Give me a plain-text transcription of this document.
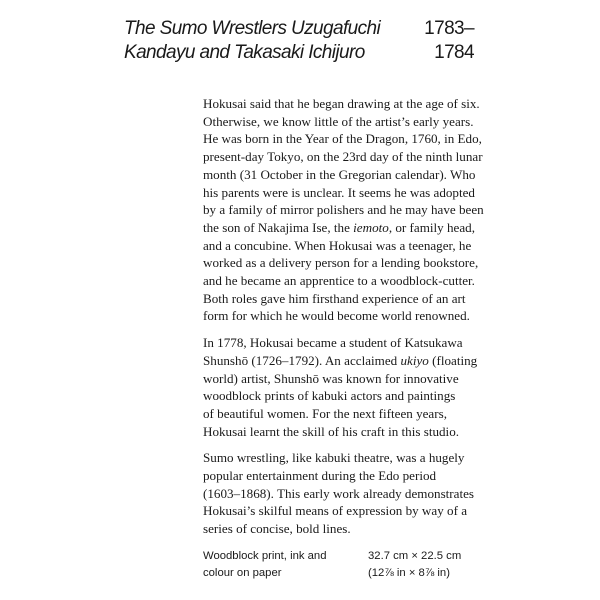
The Sumo Wrestlers Uzugafuchi
Kandayu and Takasaki Ichijuro
1783–
1784

Hokusai said that he began drawing at the age of six.
Otherwise, we know little of the artist’s early years.
He was born in the Year of the Dragon, 1760, in Edo,
present-day Tokyo, on the 23rd day of the ninth lunar
month (31 October in the Gregorian calendar). Who
his parents were is unclear. It seems he was adopted
by a family of mirror polishers and he may have been
the son of Nakajima Ise, the iemoto, or family head,
and a concubine. When Hokusai was a teenager, he
worked as a delivery person for a lending bookstore,
and he became an apprentice to a woodblock-cutter.
Both roles gave him firsthand experience of an art
form for which he would become world renowned.

In 1778, Hokusai became a student of Katsukawa
Shunshō (1726–1792). An acclaimed ukiyo (floating
world) artist, Shunshō was known for innovative
woodblock prints of kabuki actors and paintings
of beautiful women. For the next fifteen years,
Hokusai learnt the skill of his craft in this studio.

Sumo wrestling, like kabuki theatre, was a hugely
popular entertainment during the Edo period
(1603–1868). This early work already demonstrates
Hokusai’s skilful means of expression by way of a
series of concise, bold lines.

Woodblock print, ink and
colour on paper
32.7 cm × 22.5 cm
(12⅞ in × 8⅞ in)
